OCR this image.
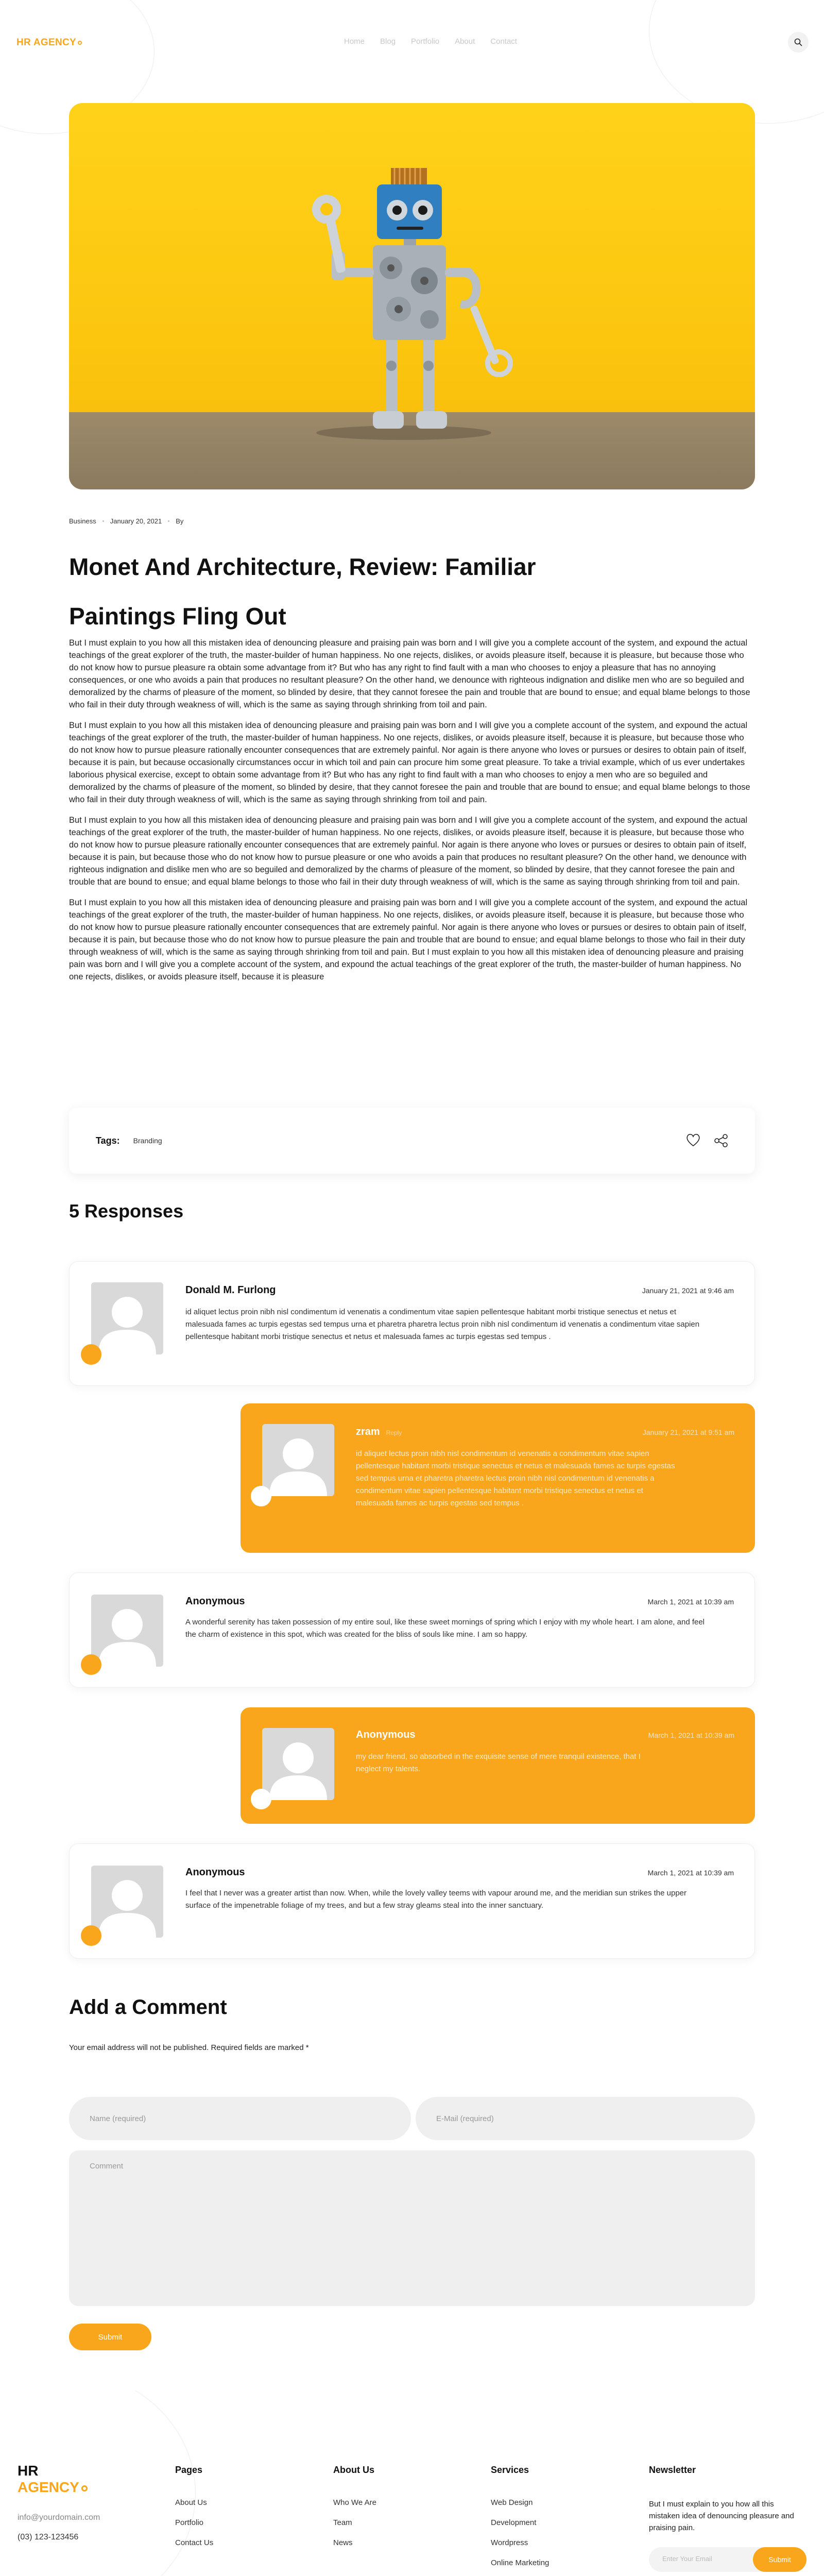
HR AGENCY	Home Blog Portfolio About Contact
Business January 20, 2021 By
Monet And Architecture, Review: Familiar Paintings Fling Out

But I must explain to you how all this mistaken idea of denouncing pleasure and praising pain was born and I will give you a complete account of the system, and expound the actual teachings of the great explorer of the truth, the master-builder of human happiness. No one rejects, dislikes, or avoids pleasure itself, because it is pleasure, but because those who do not know how to pursue pleasure ra obtain some advantage from it? But who has any right to find fault with a man who chooses to enjoy a pleasure that has no annoying consequences, or one who avoids a pain that produces no resultant pleasure? On the other hand, we denounce with righteous indignation and dislike men who are so beguiled and demoralized by the charms of pleasure of the moment, so blinded by desire, that they cannot foresee the pain and trouble that are bound to ensue; and equal blame belongs to those who fail in their duty through weakness of will, which is the same as saying through shrinking from toil and pain.

But I must explain to you how all this mistaken idea of denouncing pleasure and praising pain was born and I will give you a complete account of the system, and expound the actual teachings of the great explorer of the truth, the master-builder of human happiness. No one rejects, dislikes, or avoids pleasure itself, because it is pleasure, but because those who do not know how to pursue pleasure rationally encounter consequences that are extremely painful. Nor again is there anyone who loves or pursues or desires to obtain pain of itself, because it is pain, but because occasionally circumstances occur in which toil and pain can procure him some great pleasure. To take a trivial example, which of us ever undertakes laborious physical exercise, except to obtain some advantage from it? But who has any right to find fault with a man who chooses to enjoy a men who are so beguiled and demoralized by the charms of pleasure of the moment, so blinded by desire, that they cannot foresee the pain and trouble that are bound to ensue; and equal blame belongs to those who fail in their duty through weakness of will, which is the same as saying through shrinking from toil and pain.

But I must explain to you how all this mistaken idea of denouncing pleasure and praising pain was born and I will give you a complete account of the system, and expound the actual teachings of the great explorer of the truth, the master-builder of human happiness. No one rejects, dislikes, or avoids pleasure itself, because it is pleasure, but because those who do not know how to pursue pleasure rationally encounter consequences that are extremely painful. Nor again is there anyone who loves or pursues or desires to obtain pain of itself, because it is pain, but because those who do not know how to pursue pleasure or one who avoids a pain that produces no resultant pleasure? On the other hand, we denounce with righteous indignation and dislike men who are so beguiled and demoralized by the charms of pleasure of the moment, so blinded by desire, that they cannot foresee the pain and trouble that are bound to ensue; and equal blame belongs to those who fail in their duty through weakness of will, which is the same as saying through shrinking from toil and pain.

But I must explain to you how all this mistaken idea of denouncing pleasure and praising pain was born and I will give you a complete account of the system, and expound the actual teachings of the great explorer of the truth, the master-builder of human happiness. No one rejects, dislikes, or avoids pleasure itself, because it is pleasure, but because those who do not know how to pursue pleasure rationally encounter consequences that are extremely painful. Nor again is there anyone who loves or pursues or desires to obtain pain of itself, because it is pain, but because those who do not know how to pursue pleasure the pain and trouble that are bound to ensue; and equal blame belongs to those who fail in their duty through weakness of will, which is the same as saying through shrinking from toil and pain. But I must explain to you how all this mistaken idea of denouncing pleasure and praising pain was born and I will give you a complete account of the system, and expound the actual teachings of the great explorer of the truth, the master-builder of human happiness. No one rejects, dislikes, or avoids pleasure itself, because it is pleasure

Tags: Branding
5 Responses
Donald M. Furlong	January 21, 2021 at 9:46 am
id aliquet lectus proin nibh nisl condimentum id venenatis a condimentum vitae sapien pellentesque habitant morbi tristique senectus et netus et malesuada fames ac turpis egestas sed tempus urna et pharetra pharetra lectus proin nibh nisl condimentum id venenatis a condimentum vitae sapien pellentesque habitant morbi tristique senectus et netus et malesuada fames ac turpis egestas sed tempus .
zram Reply	January 21, 2021 at 9:51 am
id aliquet lectus proin nibh nisl condimentum id venenatis a condimentum vitae sapien pellentesque habitant morbi tristique senectus et netus et malesuada fames ac turpis egestas sed tempus urna et pharetra pharetra lectus proin nibh nisl condimentum id venenatis a condimentum vitae sapien pellentesque habitant morbi tristique senectus et netus et malesuada fames ac turpis egestas sed tempus .
Anonymous	March 1, 2021 at 10:39 am
A wonderful serenity has taken possession of my entire soul, like these sweet mornings of spring which I enjoy with my whole heart. I am alone, and feel the charm of existence in this spot, which was created for the bliss of souls like mine. I am so happy.
Anonymous	March 1, 2021 at 10:39 am
my dear friend, so absorbed in the exquisite sense of mere tranquil existence, that I neglect my talents.
Anonymous	March 1, 2021 at 10:39 am
I feel that I never was a greater artist than now. When, while the lovely valley teems with vapour around me, and the meridian sun strikes the upper surface of the impenetrable foliage of my trees, and but a few stray gleams steal into the inner sanctuary.
Add a Comment
Your email address will not be published. Required fields are marked *
Name (required)	E-Mail (required)
Comment
Submit
HR
AGENCY
info@yourdomain.com
(03) 123-123456
Pages
About Us
Portfolio
Contact Us
About Us
Who We Are
Team
News
Services
Web Design
Development
Wordpress
Online Marketing
Newsletter
But I must explain to you how all this mistaken idea of denouncing pleasure and praising pain.
Enter Your Email	Submit
